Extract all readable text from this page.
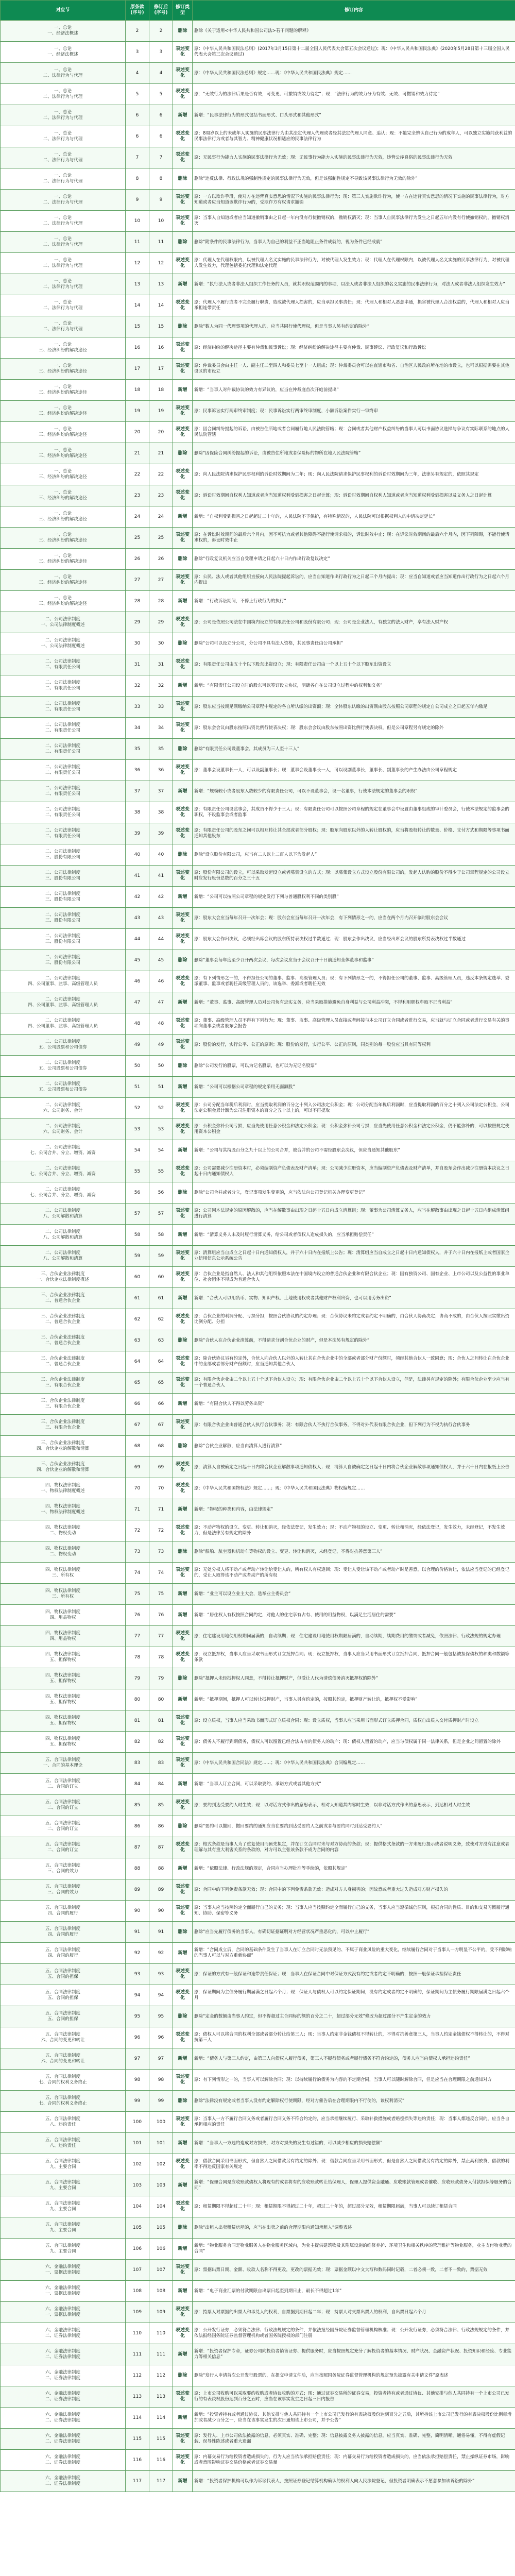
对应节	原条款(序号)	修订后(序号)	修订类型	修订内容
一、总论
一、经济法概述	2	2	删除	删除《关于适用<中华人民共和国公司法>若干问题的解释》
一、总论
一、经济法概述	3	3	表述变化	原：《中华人民共和国民法总则》(2017年3月15日第十二届全国人民代表大会第五次会议通过)；现：《中华人民共和国民法典》(2020年5月28日第十三届全国人民代表大会第三次会议通过)
一、总论
二、法律行为与代理	4	4	表述变化	原：《中华人民共和国民法总则》规定……现：《中华人民共和国民法典》规定……
一、总论
二、法律行为与代理	5	5	表述变化	原：“无效行为的法律后果是否有效，可变更、可撤销或效力待定”；现：“法律行为的效力分为有效、无效、可撤销和效力待定”
一、总论
二、法律行为与代理	6	6	新增	新增：“民事法律行为的形式包括书面形式、口头形式和其他形式”
一、总论
二、法律行为与代理	6	6	表述变化	原：8周岁以上的未成年人实施的民事法律行为由其法定代理人代理或者经其法定代理人同意、追认；现：不能完全辨认自己行为的成年人，可以独立实施纯获利益的民事法律行为或者与其智力、精神健康状况相适应的民事法律行为
一、总论
二、法律行为与代理	7	7	表述变化	原：无民事行为能力人实施的民事法律行为无效；现：无民事行为能力人实施的民事法律行为无效，违背公序良俗的民事法律行为无效
一、总论
二、法律行为与代理	8	8	删除	删除“违反法律、行政法规的强制性规定的民事法律行为无效，但是该强制性规定不导致该民事法律行为无效的除外”
一、总论
二、法律行为与代理	9	9	表述变化	原：一方以欺诈手段，使对方在违背真实意思的情况下实施的民事法律行为；现：第三人实施欺诈行为，使一方在违背真实意思的情况下实施的民事法律行为，对方知道或者应当知道该欺诈行为的，受欺诈方有权请求撤销
一、总论
二、法律行为与代理	10	10	表述变化	原：当事人自知道或者应当知道撤销事由之日起一年内没有行使撤销权的，撤销权消灭；现：当事人自民事法律行为发生之日起五年内没有行使撤销权的，撤销权消灭
一、总论
二、法律行为与代理	11	11	删除	删除“附条件的民事法律行为，当事人为自己的利益不正当地阻止条件成就的，视为条件已经成就”
一、总论
二、法律行为与代理	12	12	表述变化	原：代理人在代理权限内，以被代理人名义实施的民事法律行为，对被代理人发生效力；现：代理人在代理权限内，以被代理人名义实施的民事法律行为，对被代理人发生效力，代理包括委托代理和法定代理
一、总论
二、法律行为与代理	13	13	新增	新增：“执行法人或者非法人组织工作任务的人员，就其职权范围内的事项，以法人或者非法人组织的名义实施的民事法律行为，对法人或者非法人组织发生效力”
一、总论
二、法律行为与代理	14	14	表述变化	原：代理人不履行或者不完全履行职责，造成被代理人损害的，应当承担民事责任；现：代理人和相对人恶意串通，损害被代理人合法权益的，代理人和相对人应当承担连带责任
一、总论
二、法律行为与代理	15	15	删除	删除“数人为同一代理事项的代理人的，应当共同行使代理权，但是当事人另有约定的除外”
一、总论
三、经济纠纷的解决途径	16	16	表述变化	原：经济纠纷的解决途径主要有仲裁和民事诉讼；现：经济纠纷的解决途径主要有仲裁、民事诉讼、行政复议和行政诉讼
一、总论
三、经济纠纷的解决途径	17	17	表述变化	原：仲裁委员会由主任一人、副主任二至四人和委员七至十一人组成；现：仲裁委员会可以在直辖市和省、自治区人民政府所在地的市设立，也可以根据需要在其他设区的市设立
一、总论
三、经济纠纷的解决途径	18	18	新增	新增：“当事人对仲裁协议的效力有异议的，应当在仲裁庭首次开庭前提出”
一、总论
三、经济纠纷的解决途径	19	19	表述变化	原：民事诉讼实行两审终审制度；现：民事诉讼实行两审终审制度，小额诉讼案件实行一审终审
一、总论
三、经济纠纷的解决途径	20	20	表述变化	原：因合同纠纷提起的诉讼，由被告住所地或者合同履行地人民法院管辖；现：合同或者其他财产权益纠纷的当事人可以书面协议选择与争议有实际联系的地点的人民法院管辖
一、总论
三、经济纠纷的解决途径	21	21	删除	删除“因保险合同纠纷提起的诉讼，由被告住所地或者保险标的物所在地人民法院管辖”
一、总论
三、经济纠纷的解决途径	22	22	表述变化	原：向人民法院请求保护民事权利的诉讼时效期间为二年；现：向人民法院请求保护民事权利的诉讼时效期间为三年，法律另有规定的，依照其规定
一、总论
三、经济纠纷的解决途径	23	23	表述变化	原：诉讼时效期间自权利人知道或者应当知道权利受到损害之日起计算；现：诉讼时效期间自权利人知道或者应当知道权利受到损害以及义务人之日起计算
一、总论
三、经济纠纷的解决途径	24	24	新增	新增：“自权利受到损害之日起超过二十年的，人民法院不予保护，有特殊情况的，人民法院可以根据权利人的申请决定延长”
一、总论
三、经济纠纷的解决途径	25	25	表述变化	原：在诉讼时效期间的最后六个月内，因不可抗力或者其他障碍不能行使请求权的，诉讼时效中止；现：在诉讼时效期间的最后六个月内，因下列障碍，不能行使请求权的，诉讼时效中止
一、总论
三、经济纠纷的解决途径	26	26	删除	删除“行政复议机关应当自受理申请之日起六十日内作出行政复议决定”
一、总论
三、经济纠纷的解决途径	27	27	表述变化	原：公民、法人或者其他组织直接向人民法院提起诉讼的，应当自知道作出行政行为之日起三个月内提出；现：应当自知道或者应当知道作出行政行为之日起六个月内提出
一、总论
三、经济纠纷的解决途径	28	28	新增	新增：“行政诉讼期间，不停止行政行为的执行”
二、公司法律制度
一、公司法律制度概述	29	29	表述变化	原：公司是依照公司法在中国境内设立的有限责任公司和股份有限公司；现：公司是企业法人，有独立的法人财产，享有法人财产权
二、公司法律制度
一、公司法律制度概述	30	30	删除	删除“公司可以设立分公司，分公司不具有法人资格，其民事责任由公司承担”
二、公司法律制度
二、有限责任公司	31	31	表述变化	原：有限责任公司由五十个以下股东出资设立；现：有限责任公司由一个以上五十个以下股东出资设立
二、公司法律制度
二、有限责任公司	32	32	新增	新增：“有限责任公司设立时的股东可以签订设立协议，明确各自在公司设立过程中的权利和义务”
二、公司法律制度
二、有限责任公司	33	33	表述变化	原：股东应当按期足额缴纳公司章程中规定的各自所认缴的出资额；现：全体股东认缴的出资额由股东按照公司章程的规定自公司成立之日起五年内缴足
二、公司法律制度
二、有限责任公司	34	34	表述变化	原：股东会会议由股东按照出资比例行使表决权；现：股东会会议由股东按照出资比例行使表决权，但是公司章程另有规定的除外
二、公司法律制度
二、有限责任公司	35	35	删除	删除“有限责任公司设董事会，其成员为三人至十三人”
二、公司法律制度
二、有限责任公司	36	36	表述变化	原：董事会设董事长一人，可以设副董事长；现：董事会设董事长一人，可以设副董事长，董事长、副董事长的产生办法由公司章程规定
二、公司法律制度
二、有限责任公司	37	37	新增	新增：“规模较小或者股东人数较少的有限责任公司，可以不设董事会，设一名董事，行使本法规定的董事会的职权”
二、公司法律制度
二、有限责任公司	38	38	表述变化	原：有限责任公司设监事会，其成员不得少于三人；现：有限责任公司可以按照公司章程的规定在董事会中设置由董事组成的审计委员会，行使本法规定的监事会的职权，不设监事会或者监事
二、公司法律制度
二、有限责任公司	39	39	表述变化	原：有限责任公司的股东之间可以相互转让其全部或者部分股权；现：股东向股东以外的人转让股权的，应当将股权转让的数量、价格、支付方式和期限等事项书面通知其他股东
二、公司法律制度
三、股份有限公司	40	40	删除	删除“设立股份有限公司，应当有二人以上二百人以下为发起人”
二、公司法律制度
三、股份有限公司	41	41	表述变化	原：股份有限公司的设立，可以采取发起设立或者募集设立的方式；现：以募集设立方式设立股份有限公司的，发起人认购的股份不得少于公司章程规定的公司设立时应发行股份总数的百分之三十五
二、公司法律制度
三、股份有限公司	42	42	新增	新增：“公司可以按照公司章程的规定发行下列与普通股权利不同的类别股”
二、公司法律制度
三、股份有限公司	43	43	表述变化	原：股东大会应当每年召开一次年会；现：股东会应当每年召开一次年会，有下列情形之一的，应当在两个月内召开临时股东会会议
二、公司法律制度
三、股份有限公司	44	44	表述变化	原：股东大会作出决议，必须经出席会议的股东所持表决权过半数通过；现：股东会作出决议，应当经出席会议的股东所持表决权过半数通过
二、公司法律制度
三、股份有限公司	45	45	删除	删除“董事会每年度至少召开两次会议，每次会议应当于会议召开十日前通知全体董事和监事”
二、公司法律制度
四、公司董事、监事、高级管理人员	46	46	表述变化	原：有下列情形之一的，不得担任公司的董事、监事、高级管理人员；现：有下列情形之一的，不得担任公司的董事、监事、高级管理人员，违反本条规定选举、委派董事、监事或者聘任高级管理人员的，该选举、委派或者聘任无效
二、公司法律制度
四、公司董事、监事、高级管理人员	47	47	新增	新增：“董事、监事、高级管理人员对公司负有忠实义务，应当采取措施避免自身利益与公司利益冲突，不得利用职权牟取不正当利益”
二、公司法律制度
四、公司董事、监事、高级管理人员	48	48	表述变化	原：董事、高级管理人员不得有下列行为；现：董事、监事、高级管理人员直接或者间接与本公司订立合同或者进行交易，应当就与订立合同或者进行交易有关的事项向董事会或者股东会报告
二、公司法律制度
五、公司股票和公司债券	49	49	表述变化	原：股份的发行，实行公平、公正的原则；现：股份的发行，实行公平、公正的原则，同类别的每一股份应当具有同等权利
二、公司法律制度
五、公司股票和公司债券	50	50	删除	删除“公司发行的股票，可以为记名股票，也可以为无记名股票”
二、公司法律制度
五、公司股票和公司债券	51	51	新增	新增：“公司可以根据公司章程的规定采用无面额股”
二、公司法律制度
六、公司财务、会计	52	52	表述变化	原：公司分配当年税后利润时，应当提取利润的百分之十列入公司法定公积金；现：公司分配当年税后利润时，应当提取利润的百分之十列入公司法定公积金，公司法定公积金累计额为公司注册资本的百分之五十以上的，可以不再提取
二、公司法律制度
六、公司财务、会计	53	53	表述变化	原：公积金弥补公司亏损，应当先使用任意公积金和法定公积金；现：公积金弥补公司亏损，应当先使用任意公积金和法定公积金，仍不能弥补的，可以按照规定使用资本公积金
二、公司法律制度
七、公司合并、分立、增资、减资	54	54	新增	新增：“公司与其持股百分之九十以上的公司合并，被合并的公司不需经股东会决议，但应当通知其他股东”
二、公司法律制度
七、公司合并、分立、增资、减资	55	55	表述变化	原：公司需要减少注册资本时，必须编制资产负债表及财产清单；现：公司减少注册资本，应当编制资产负债表及财产清单，并自股东会作出减少注册资本决议之日起十日内通知债权人
二、公司法律制度
七、公司合并、分立、增资、减资	56	56	删除	删除“公司合并或者分立，登记事项发生变更的，应当依法向公司登记机关办理变更登记”
二、公司法律制度
八、公司解散和清算	57	57	表述变化	原：公司因本法规定的原因解散的，应当在解散事由出现之日起十五日内成立清算组；现：董事为公司清算义务人，应当在解散事由出现之日起十五日内组成清算组进行清算
二、公司法律制度
八、公司解散和清算	58	58	新增	新增：“清算义务人未及时履行清算义务，给公司或者债权人造成损失的，应当承担赔偿责任”
二、公司法律制度
八、公司解散和清算	59	59	表述变化	原：清算组应当自成立之日起十日内通知债权人，并于六十日内在报纸上公告；现：清算组应当自成立之日起十日内通知债权人，并于六十日内在报纸上或者国家企业信用信息公示系统公告
三、合伙企业法律制度
一、合伙企业法律制度概述	60	60	表述变化	原：合伙企业是指自然人、法人和其他组织依照本法在中国境内设立的普通合伙企业和有限合伙企业；现：国有独资公司、国有企业、上市公司以及公益性的事业单位、社会团体不得成为普通合伙人
三、合伙企业法律制度
二、普通合伙企业	61	61	新增	新增：“合伙人可以用货币、实物、知识产权、土地使用权或者其他财产权利出资，也可以用劳务出资”
三、合伙企业法律制度
二、普通合伙企业	62	62	表述变化	原：合伙企业的利润分配、亏损分担，按照合伙协议的约定办理；现：合伙协议未约定或者约定不明确的，由合伙人协商决定；协商不成的，由合伙人按照实缴出资比例分配、分担
三、合伙企业法律制度
二、普通合伙企业	63	63	删除	删除“合伙人在合伙企业清算前，不得请求分割合伙企业的财产，但是本法另有规定的除外”
三、合伙企业法律制度
二、普通合伙企业	64	64	表述变化	原：除合伙协议另有约定外，合伙人向合伙人以外的人转让其在合伙企业中的全部或者部分财产份额时，须经其他合伙人一致同意；现：合伙人之间转让在合伙企业中的全部或者部分财产份额时，应当通知其他合伙人
三、合伙企业法律制度
三、有限合伙企业	65	65	表述变化	原：有限合伙企业由二个以上五十个以下合伙人设立；现：有限合伙企业由二个以上五十个以下合伙人设立，但是，法律另有规定的除外；有限合伙企业至少应当有一个普通合伙人
三、合伙企业法律制度
三、有限合伙企业	66	66	新增	新增：“有限合伙人不得以劳务出资”
三、合伙企业法律制度
三、有限合伙企业	67	67	表述变化	原：有限合伙企业由普通合伙人执行合伙事务；现：有限合伙人不执行合伙事务，不得对外代表有限合伙企业，但下列行为不视为执行合伙事务
三、合伙企业法律制度
四、合伙企业的解散和清算	68	68	删除	删除“合伙企业解散，应当由清算人进行清算”
三、合伙企业法律制度
四、合伙企业的解散和清算	69	69	表述变化	原：清算人自被确定之日起十日内将合伙企业解散事项通知债权人；现：清算人自被确定之日起十日内将合伙企业解散事项通知债权人，并于六十日内在报纸上公告
四、物权法律制度
一、物权法律制度概述	70	70	表述变化	原：《中华人民共和国物权法》规定……；现：《中华人民共和国民法典》物权编规定……
四、物权法律制度
一、物权法律制度概述	71	71	新增	新增：“物权的种类和内容，由法律规定”
四、物权法律制度
二、物权变动	72	72	表述变化	原：不动产物权的设立、变更、转让和消灭，经依法登记，发生效力；现：不动产物权的设立、变更、转让和消灭，经依法登记，发生效力，未经登记，不发生效力，但是法律另有规定的除外
四、物权法律制度
二、物权变动	73	73	删除	删除“船舶、航空器和机动车等物权的设立、变更、转让和消灭，未经登记，不得对抗善意第三人”
四、物权法律制度
三、所有权	74	74	表述变化	原：无处分权人将不动产或者动产转让给受让人的，所有权人有权追回；现：受让人受让该不动产或者动产时是善意，以合理的价格转让，依法应当登记的已经登记的，受让人取得该不动产或者动产的所有权
四、物权法律制度
三、所有权	75	75	新增	新增：“业主可以设立业主大会，选举业主委员会”
四、物权法律制度
四、用益物权	76	76	新增	新增：“居住权人有权按照合同约定，对他人的住宅享有占有、使用的用益物权，以满足生活居住的需要”
四、物权法律制度
四、用益物权	77	77	表述变化	原：住宅建设用地使用权期间届满的，自动续期；现：住宅建设用地使用权期限届满的，自动续期，续期费用的缴纳或者减免，依照法律、行政法规的规定办理
四、物权法律制度
五、担保物权	78	78	表述变化	原：设立抵押权，当事人应当采取书面形式订立抵押合同；现：设立抵押权，当事人应当采用书面形式订立抵押合同，抵押合同一般包括被担保债权的种类和数额等条款
四、物权法律制度
五、担保物权	79	79	删除	删除“抵押人未经抵押权人同意，不得转让抵押财产，但受让人代为清偿债务消灭抵押权的除外”
四、物权法律制度
五、担保物权	80	80	新增	新增：“抵押期间，抵押人可以转让抵押财产，当事人另有约定的，按照其约定，抵押财产转让的，抵押权不受影响”
四、物权法律制度
五、担保物权	81	81	表述变化	原：设立质权，当事人应当采取书面形式订立质权合同；现：设立质权，当事人应当采用书面形式订立质押合同，质权自出质人交付质押财产时设立
四、物权法律制度
五、担保物权	82	82	表述变化	原：债务人不履行到期债务，债权人可以留置已经合法占有的债务人的动产；现：债权人留置的动产，应当与债权属于同一法律关系，但是企业之间留置的除外
五、合同法律制度
一、合同的基本理论	83	83	表述变化	原：《中华人民共和国合同法》规定……；现：《中华人民共和国民法典》合同编规定……
五、合同法律制度
二、合同的订立	84	84	新增	新增：“当事人订立合同，可以采取要约、承诺方式或者其他方式”
五、合同法律制度
二、合同的订立	85	85	表述变化	原：要约到达受要约人时生效；现：以对话方式作出的意思表示，相对人知道其内容时生效，以非对话方式作出的意思表示，到达相对人时生效
五、合同法律制度
二、合同的订立	86	86	删除	删除“要约可以撤回，撤回要约的通知应当在要约到达受要约人之前或者与要约同时到达受要约人”
五、合同法律制度
二、合同的订立	87	87	表述变化	原：格式条款是当事人为了重复使用而预先拟定，并在订立合同时未与对方协商的条款；现：提供格式条款的一方未履行提示或者说明义务，致使对方没有注意或者理解与其有重大利害关系的条款的，对方可以主张该条款不成为合同的内容
五、合同法律制度
三、合同的效力	88	88	新增	新增：“依照法律、行政法规的规定，合同应当办理批准等手续的，依照其规定”
五、合同法律制度
三、合同的效力	89	89	表述变化	原：合同中的下列免责条款无效；现：合同中的下列免责条款无效：造成对方人身损害的；因故意或者重大过失造成对方财产损失的
五、合同法律制度
四、合同的履行	90	90	表述变化	原：当事人应当按照约定全面履行自己的义务；现：当事人应当按照约定全面履行自己的义务，当事人应当遵循诚信原则，根据合同的性质、目的和交易习惯履行通知、协助、保密等义务
五、合同法律制度
四、合同的履行	91	91	删除	删除“应当先履行债务的当事人，有确切证据证明对方经营状况严重恶化的，可以中止履行”
五、合同法律制度
四、合同的履行	92	92	新增	新增：“合同成立后，合同的基础条件发生了当事人在订立合同时无法预见的、不属于商业风险的重大变化，继续履行合同对于当事人一方明显不公平的，受不利影响的当事人可以与对方重新协商”
五、合同法律制度
五、合同的担保	93	93	表述变化	原：保证的方式有一般保证和连带责任保证；现：当事人在保证合同中对保证方式没有约定或者约定不明确的，按照一般保证承担保证责任
五、合同法律制度
五、合同的担保	94	94	表述变化	原：保证期间为主债务履行期届满之日起六个月；现：保证人与债权人可以约定保证期间，没有约定或者约定不明确的，保证期间为主债务履行期限届满之日起六个月
五、合同法律制度
五、合同的担保	95	95	删除	删除“定金的数额由当事人约定，但不得超过主合同标的额的百分之二十，超过部分无效”修改为超过部分不产生定金的效力
五、合同法律制度
六、合同的变更和转让	96	96	表述变化	原：债权人可以将合同的权利全部或者部分转让给第三人；现：当事人约定非金钱债权不得转让的，不得对抗善意第三人，当事人约定金钱债权不得转让的，不得对抗第三人
五、合同法律制度
六、合同的变更和转让	97	97	新增	新增：“债务人与第三人约定，由第三人向债权人履行债务，第三人不履行债务或者履行债务不符合约定的，债务人应当向债权人承担违约责任”
五、合同法律制度
七、合同的权利义务终止	98	98	表述变化	原：有下列情形之一的，当事人可以解除合同；现：以持续履行的债务为内容的不定期合同，当事人可以随时解除合同，但是应当在合理期限之前通知对方
五、合同法律制度
七、合同的权利义务终止	99	99	删除	删除“法律没有规定或者当事人没有约定解除权行使期限，经对方催告后在合理期限内不行使的，该权利消灭”
五、合同法律制度
八、违约责任	100	100	表述变化	原：当事人一方不履行合同义务或者履行合同义务不符合约定的，应当承担继续履行、采取补救措施或者赔偿损失等违约责任；现：当事人都违反合同的，应当各自承担相应的责任
五、合同法律制度
八、违约责任	101	101	新增	新增：“当事人一方违约造成对方损失，对方对损失的发生有过错的，可以减少相应的损失赔偿额”
五、合同法律制度
九、主要合同	102	102	表述变化	原：借款合同采用书面形式，但自然人之间借款另有约定的除外；现：借款合同应当采用书面形式，但是自然人之间借款另有约定的除外，禁止高利放贷，借款的利率不得违反国家有关规定
五、合同法律制度
九、主要合同	103	103	新增	新增：“保理合同是应收账款债权人将现有的或者将有的应收账款转让给保理人，保理人提供资金融通、应收账款管理或者催收、应收账款债务人付款担保等服务的合同”
五、合同法律制度
九、主要合同	104	104	表述变化	原：租赁期限不得超过二十年；现：租赁期限不得超过二十年，超过二十年的，超过部分无效，租赁期限届满，当事人可以续订租赁合同
五、合同法律制度
九、主要合同	105	105	删除	删除“出租人出卖租赁房屋的，应当在出卖之前的合理期限内通知承租人”调整表述
五、合同法律制度
九、主要合同	106	106	新增	新增：“物业服务合同是物业服务人在物业服务区域内，为业主提供建筑物及其附属设施的维修养护、环境卫生和相关秩序的管理维护等物业服务，业主支付物业费的合同”
六、金融法律制度
一、票据法律制度	107	107	表述变化	原：票据出票日期、金额、收款人名称不得更改，更改的票据无效；现：票据金额以中文大写和数码同时记载，二者必须一致，二者不一致的，票据无效
六、金融法律制度
一、票据法律制度	108	108	新增	新增：“电子商业汇票的付款期限自出票日起至到期日止，最长不得超过1年”
六、金融法律制度
一、票据法律制度	109	109	表述变化	原：持票人对票据的出票人和承兑人的权利，自票据到期日起二年；现：持票人对支票出票人的权利，自出票日起六个月
六、金融法律制度
二、证券法律制度	110	110	表述变化	原：公开发行证券，必须符合法律、行政法规规定的条件，并依法报经国务院证券监督管理机构核准；现：公开发行证券，必须符合法律、行政法规规定的条件，并依法报经国务院证券监督管理机构或者国务院授权的部门注册
六、金融法律制度
二、证券法律制度	111	111	新增	新增：“投资者保护专章，证券公司向投资者销售证券、提供服务时，应当按照规定充分了解投资者的基本情况、财产状况、金融资产状况、投资知识和经验、专业能力等相关信息”
六、金融法律制度
二、证券法律制度	112	112	删除	删除“发行人申请首次公开发行股票的，在提交申请文件后，应当按照国务院证券监督管理机构的规定预先披露有关申请文件”原表述
六、金融法律制度
二、证券法律制度	113	113	表述变化	原：上市公司收购可以采取要约收购或者协议收购的方式；现：通过证券交易所的证券交易，投资者持有或者通过协议、其他安排与他人共同持有一个上市公司已发行的有表决权股份达到百分之五时，应当在该事实发生之日起三日内报告
六、金融法律制度
二、证券法律制度	114	114	新增	新增：“投资者持有或者通过协议、其他安排与他人共同持有一个上市公司已发行的有表决权股份达到百分之五后，其所持该上市公司已发行的有表决权股份比例每增加或者减少百分之一，应当在该事实发生的次日通知该上市公司，并予公告”
六、金融法律制度
二、证券法律制度	115	115	表述变化	原：发行人、上市公司依法披露的信息，必须真实、准确、完整；现：信息披露义务人披露的信息，应当真实、准确、完整，简明清晰，通俗易懂，不得有虚假记载、误导性陈述或者重大遗漏
六、金融法律制度
二、证券法律制度	116	116	表述变化	原：内幕交易行为给投资者造成损失的，行为人应当依法承担赔偿责任；现：内幕交易行为给投资者造成损失的，应当依法承担赔偿责任，禁止操纵证券市场，影响或者意图影响证券交易价格或者证券交易量
六、金融法律制度
二、证券法律制度	117	117	新增	新增：“投资者保护机构可以作为诉讼代表人，按照证券登记结算机构确认的权利人向人民法院登记，但投资者明确表示不愿意参加该诉讼的除外”
